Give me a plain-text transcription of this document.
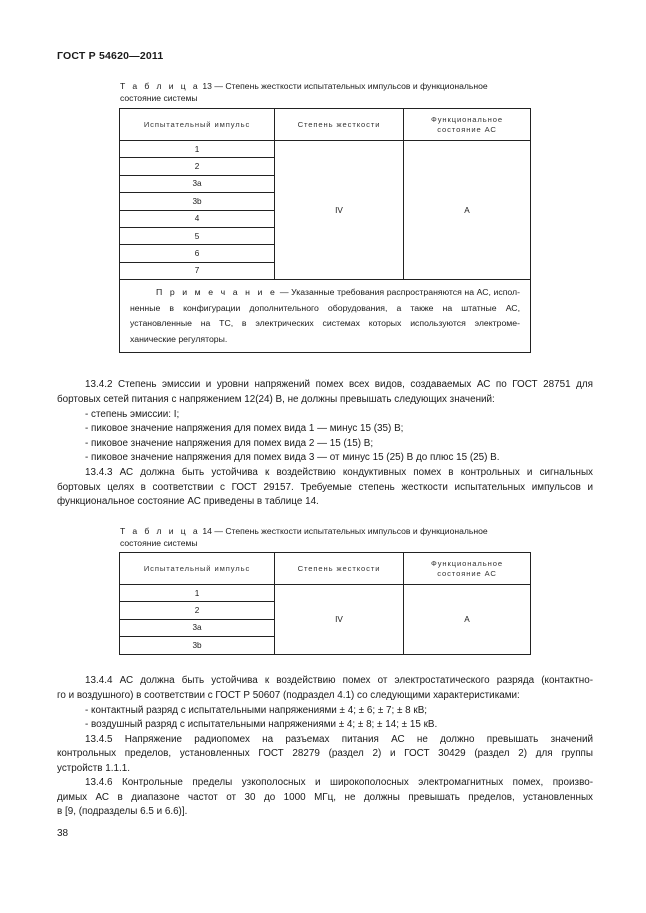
ГОСТ Р 54620—2011
Т а б л и ц а 13 — Степень жесткости испытательных импульсов и функциональное
состояние системы
Испытательный импульс	Степень жесткости	Функциональное
состояние АС

1	IV	А
2		
3a		
3b		
4		
5		
6		
7		

П р и м е ч а н и е — Указанные требования распространяются на АС, испол-
ненные в конфигурации дополнительного оборудования, а также на штатные АС,
установленные на ТС, в электрических системах которых используются электроме-
ханические регуляторы.		
13.4.2 Степень эмиссии и уровни напряжений помех всех видов, создаваемых АС по ГОСТ 28751 для
бортовых сетей питания с напряжением 12(24) В, не должны превышать следующих значений:
- степень эмиссии: I;
- пиковое значение напряжения для помех вида 1 — минус 15 (35) В;
- пиковое значение напряжения для помех вида 2 — 15 (15) В;
- пиковое значение напряжения для помех вида 3 — от минус 15 (25) В до плюс 15 (25) В.
13.4.3 АС должна быть устойчива к воздействию кондуктивных помех в контрольных и сигнальных
бортовых целях в соответствии с ГОСТ 29157. Требуемые степень жесткости испытательных импульсов и
функциональное состояние АС приведены в таблице 14.
Т а б л и ц а 14 — Степень жесткости испытательных импульсов и функциональное
состояние системы
Испытательный импульс	Степень жесткости	Функциональное
состояние АС

1	IV	А
2		
3a		
3b		
13.4.4 АС должна быть устойчива к воздействию помех от электростатического разряда (контактно-
го и воздушного) в соответствии с ГОСТ Р 50607 (подраздел 4.1) со следующими характеристиками:
- контактный разряд с испытательными напряжениями ± 4; ± 6; ± 7; ± 8 кВ;
- воздушный разряд с испытательными напряжениями ± 4; ± 8; ± 14; ± 15 кВ.
13.4.5 Напряжение радиопомех на разъемах питания АС не должно превышать значений
контрольных пределов, установленных ГОСТ 28279 (раздел 2) и ГОСТ 30429 (раздел 2) для группы
устройств 1.1.1.
13.4.6 Контрольные пределы узкополосных и широкополосных электромагнитных помех, произво-
димых АС в диапазоне частот от 30 до 1000 МГц, не должны превышать пределов, установленных
в [9, (подразделы 6.5 и 6.6)].
38
